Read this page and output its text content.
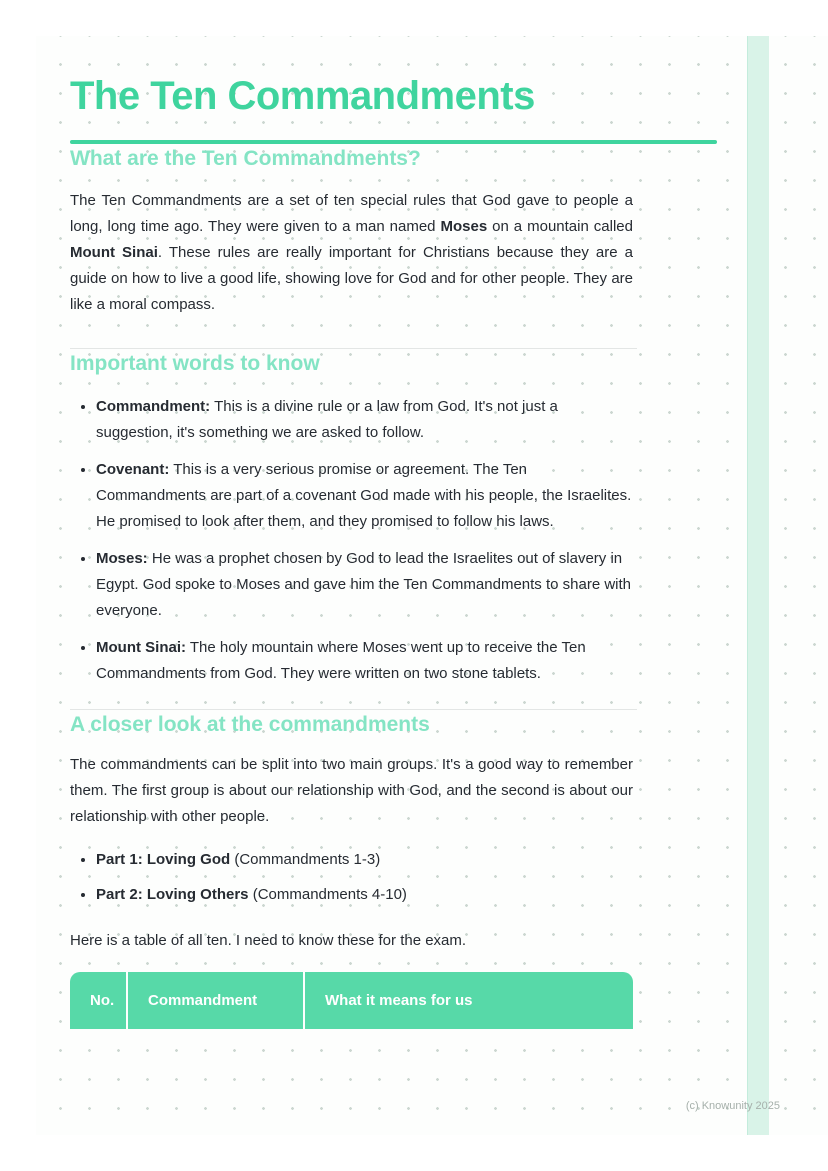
The Ten Commandments
What are the Ten Commandments?

The Ten Commandments are a set of ten special rules that God gave to people a long, long time ago. They were given to a man named Moses on a mountain called Mount Sinai. These rules are really important for Christians because they are a guide on how to live a good life, showing love for God and for other people. They are like a moral compass.

Important words to know
• Commandment: This is a divine rule or a law from God. It's not just a suggestion, it's something we are asked to follow.
• Covenant: This is a very serious promise or agreement. The Ten Commandments are part of a covenant God made with his people, the Israelites. He promised to look after them, and they promised to follow his laws.
• Moses: He was a prophet chosen by God to lead the Israelites out of slavery in Egypt. God spoke to Moses and gave him the Ten Commandments to share with everyone.
• Mount Sinai: The holy mountain where Moses went up to receive the Ten Commandments from God. They were written on two stone tablets.
A closer look at the commandments

The commandments can be split into two main groups. It's a good way to remember them. The first group is about our relationship with God, and the second is about our relationship with other people.

• Part 1: Loving God (Commandments 1-3)
• Part 2: Loving Others (Commandments 4-10)

Here is a table of all ten. I need to know these for the exam.

No.	Commandment	What it means for us
(c) Knowunity 2025
